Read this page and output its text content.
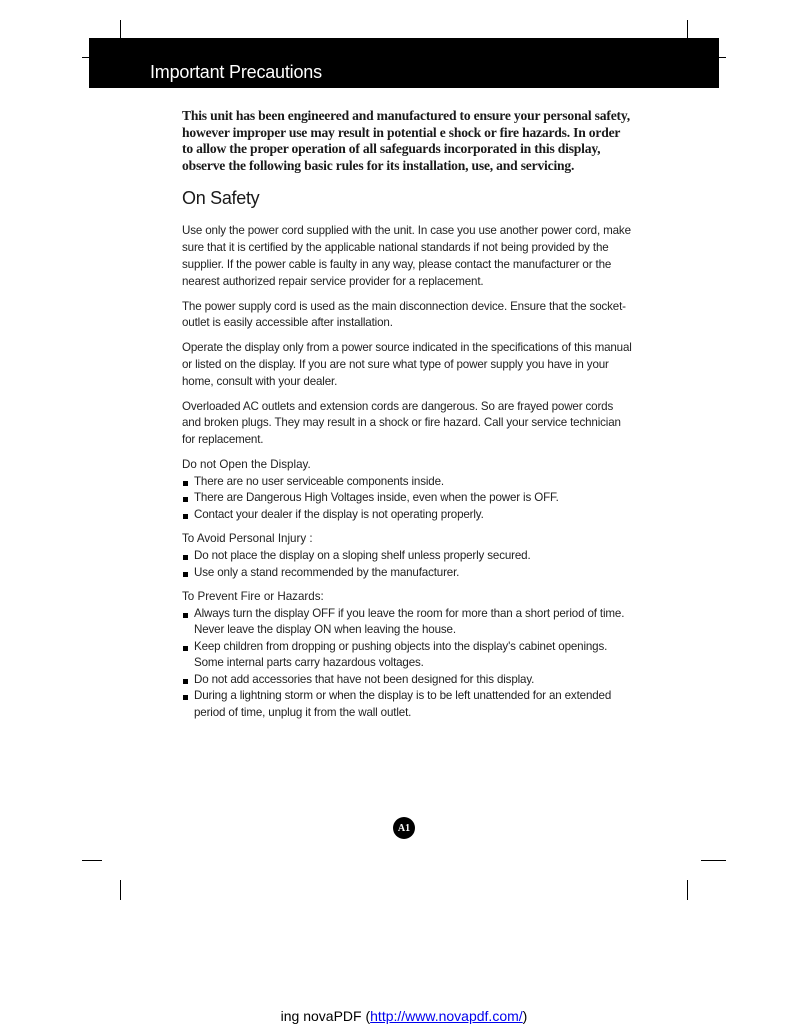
Important Precautions

This unit has been engineered and manufactured to ensure your personal safety, however improper use may result in potential e shock or fire hazards. In order to allow the proper operation of all safeguards incorporated in this display, observe the following basic rules for its installation, use, and servicing.

On Safety

Use only the power cord supplied with the unit. In case you use another power cord, make sure that it is certified by the applicable national standards if not being provided by the supplier. If the power cable is faulty in any way, please contact the manufacturer or the nearest authorized repair service provider for a replacement.

The power supply cord is used as the main disconnection device. Ensure that the socket-outlet is easily accessible after installation.

Operate the display only from a power source indicated in the specifications of this manual or listed on the display. If you are not sure what type of power supply you have in your home, consult with your dealer.

Overloaded AC outlets and extension cords are dangerous. So are frayed power cords and broken plugs. They may result in a shock or fire hazard. Call your service technician for replacement.

Do not Open the Display.

There are no user serviceable components inside.
There are Dangerous High Voltages inside, even when the power is OFF.
Contact your dealer if the display is not operating properly.

To Avoid Personal Injury :

Do not place the display on a sloping shelf unless properly secured.
Use only a stand recommended by the manufacturer.

To Prevent Fire or Hazards:

Always turn the display OFF if you leave the room for more than a short period of time. Never leave the display ON when leaving the house.
Keep children from dropping or pushing objects into the display's cabinet openings. Some internal parts carry hazardous voltages.
Do not add accessories that have not been designed for this display.
During a lightning storm or when the display is to be left unattended for an extended period of time, unplug it from the wall outlet.
A1
ing novaPDF (http://www.novapdf.com/)
